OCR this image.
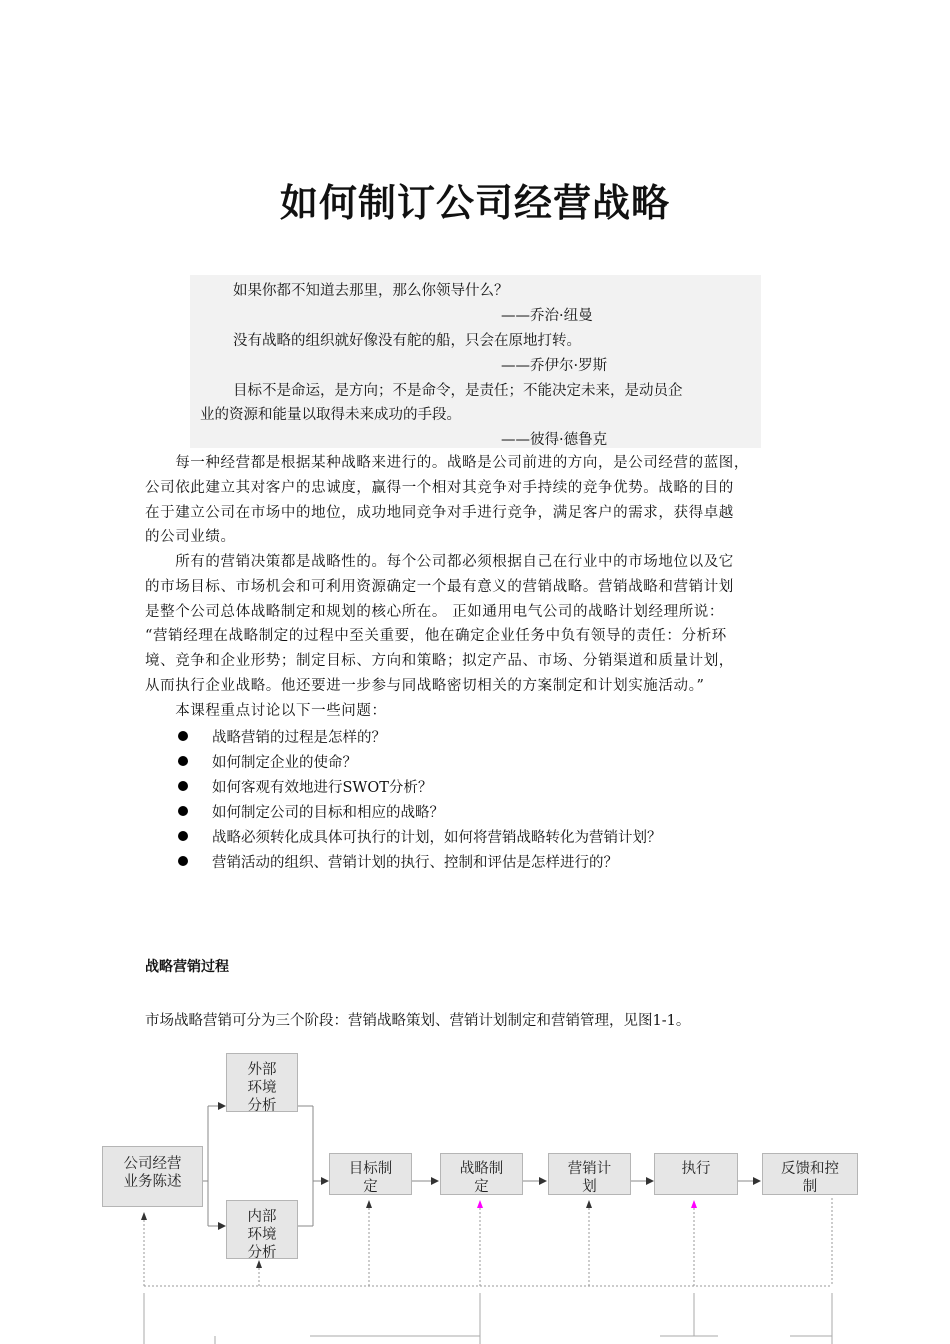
如何制订公司经营战略
如果你都不知道去那里，那么你领导什么？
——乔治·纽曼
没有战略的组织就好像没有舵的船，只会在原地打转。
——乔伊尔·罗斯
目标不是命运，是方向；不是命令，是责任；不能决定未来，是动员企
业的资源和能量以取得未来成功的手段。
——彼得·德鲁克
　　每一种经营都是根据某种战略来进行的。战略是公司前进的方向，是公司经营的蓝图，
公司依此建立其对客户的忠诚度，赢得一个相对其竞争对手持续的竞争优势。战略的目的
在于建立公司在市场中的地位，成功地同竞争对手进行竞争，满足客户的需求，获得卓越
的公司业绩。
　　所有的营销决策都是战略性的。每个公司都必须根据自己在行业中的市场地位以及它
的市场目标、市场机会和可利用资源确定一个最有意义的营销战略。营销战略和营销计划
是整个公司总体战略制定和规划的核心所在。 正如通用电气公司的战略计划经理所说：
“营销经理在战略制定的过程中至关重要，他在确定企业任务中负有领导的责任：分析环
境、竞争和企业形势；制定目标、方向和策略；拟定产品、市场、分销渠道和质量计划，
从而执行企业战略。他还要进一步参与同战略密切相关的方案制定和计划实施活动。”
　　本课程重点讨论以下一些问题：
战略营销的过程是怎样的？
如何制定企业的使命？
如何客观有效地进行SWOT分析？
如何制定公司的目标和相应的战略？
战略必须转化成具体可执行的计划，如何将营销战略转化为营销计划？
营销活动的组织、营销计划的执行、控制和评估是怎样进行的？
战略营销过程
市场战略营销可分为三个阶段：营销战略策划、营销计划制定和营销管理，见图1-1。
外部
环境
分析
公司经营
业务陈述
内部
环境
分析
目标制
定
战略制
定
营销计
划
执行	反馈和控
制
